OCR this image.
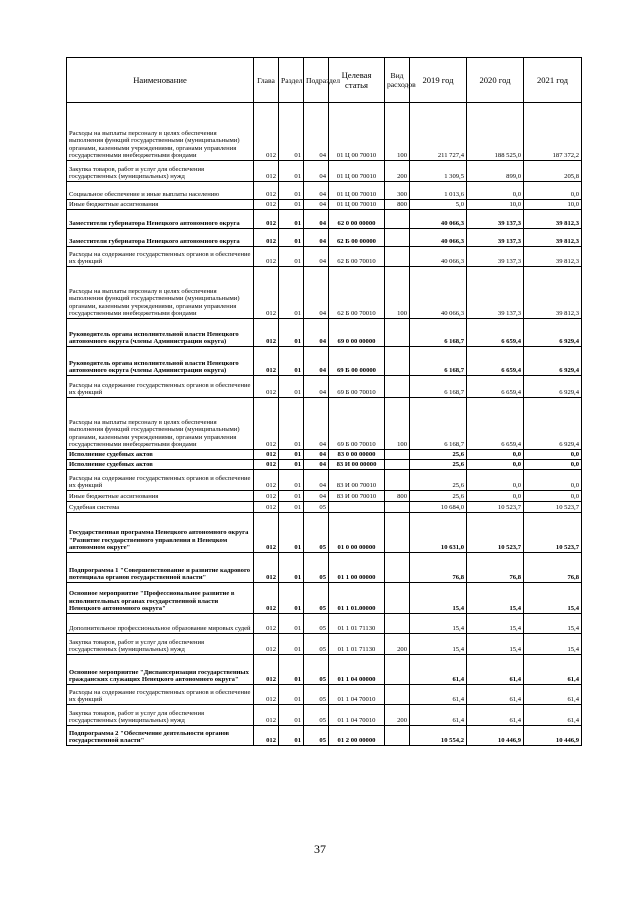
Наименование	Глава	Раздел	Подраздел	Целевая статья	Вид расходов	2019 год	2020 год	2021 год
Расходы на выплаты персоналу в целях обеспечения выполнения функций государственными (муниципальными) органами, казенными учреждениями, органами управления государственными внебюджетными фондами	012	01	04	01 Ц 00 70010	100	211 727,4	188 525,0	187 372,2
Закупка товаров, работ и услуг для обеспечения государственных (муниципальных) нужд	012	01	04	01 Ц 00 70010	200	1 309,5	899,0	205,8
Социальное обеспечение и иные выплаты населению	012	01	04	01 Ц 00 70010	300	1 013,6	0,0	0,0
Иные бюджетные ассигнования	012	01	04	01 Ц 00 70010	800	5,0	10,0	10,0
Заместители губернатора Ненецкого автономного округа	012	01	04	62 0 00 00000		40 066,3	39 137,3	39 812,3
Заместители губернатора Ненецкого автономного округа	012	01	04	62 Б 00 00000		40 066,3	39 137,3	39 812,3
Расходы на содержание государственных органов и обеспечение их функций	012	01	04	62 Б 00 70010		40 066,3	39 137,3	39 812,3
Расходы на выплаты персоналу в целях обеспечения выполнения функций государственными (муниципальными) органами, казенными учреждениями, органами управления государственными внебюджетными фондами	012	01	04	62 Б 00 70010	100	40 066,3	39 137,3	39 812,3
Руководитель органа исполнительной власти Ненецкого автономного округа (члены Администрации округа)	012	01	04	69 0 00 00000		6 168,7	6 659,4	6 929,4
Руководитель органа исполнительной власти Ненецкого автономного округа (члены Администрации округа)	012	01	04	69 Б 00 00000		6 168,7	6 659,4	6 929,4
Расходы на содержание государственных органов и обеспечение их функций	012	01	04	69 Б 00 70010		6 168,7	6 659,4	6 929,4
Расходы на выплаты персоналу в целях обеспечения выполнения функций государственными (муниципальными) органами, казенными учреждениями, органами управления государственными внебюджетными фондами	012	01	04	69 Б 00 70010	100	6 168,7	6 659,4	6 929,4
Исполнение судебных актов	012	01	04	83 0 00 00000		25,6	0,0	0,0
Исполнение судебных актов	012	01	04	83 И 00 00000		25,6	0,0	0,0
Расходы на содержание государственных органов и обеспечение их функций	012	01	04	83 И 00 70010		25,6	0,0	0,0
Иные бюджетные ассигнования	012	01	04	83 И 00 70010	800	25,6	0,0	0,0
Судебная система	012	01	05			10 684,0	10 523,7	10 523,7
Государственная программа Ненецкого автономного округа "Развитие государственного управления в Ненецком автономном округе"	012	01	05	01 0 00 00000		10 631,0	10 523,7	10 523,7
Подпрограмма 1 "Совершенствование и развитие кадрового потенциала органов государственной власти"	012	01	05	01 1 00 00000		76,8	76,8	76,8
Основное мероприятие "Профессиональное развитие в исполнительных органах государственной власти Ненецкого автономного округа"	012	01	05	01 1 01.00000		15,4	15,4	15,4
Дополнительное профессиональное образование мировых судей	012	01	05	01 1 01 71130		15,4	15,4	15,4
Закупка товаров, работ и услуг для обеспечения государственных (муниципальных) нужд	012	01	05	01 1 01 71130	200	15,4	15,4	15,4
Основное мероприятие "Диспансеризация государственных гражданских служащих Ненецкого автономного округа"	012	01	05	01 1 04 00000		61,4	61,4	61,4
Расходы на содержание государственных органов и обеспечение их функций	012	01	05	01 1 04 70010		61,4	61,4	61,4
Закупка товаров, работ и услуг для обеспечения государственных (муниципальных) нужд	012	01	05	01 1 04 70010	200	61,4	61,4	61,4
Подпрограмма 2 "Обеспечение деятельности органов государственной власти"	012	01	05	01 2 00 00000		10 554,2	10 446,9	10 446,9
37
